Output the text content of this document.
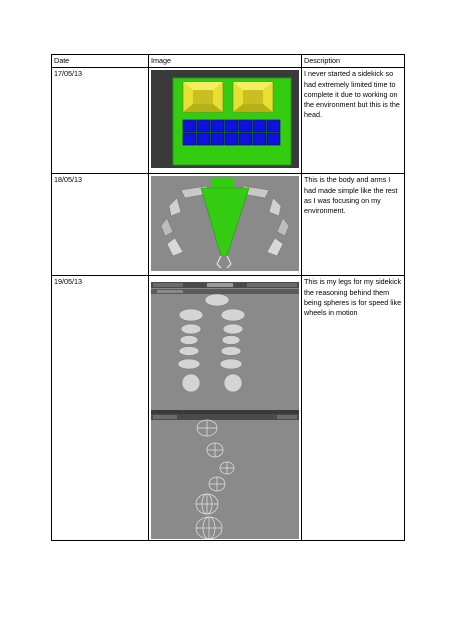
Date	Image	Description
17/05/13		I never started a sidekick so had extremely limited time to complete it due to working on the environment but this is the head.
18/05/13		This is the body and arms I had made simple like the rest as I was focusing on my environment.
19/05/13		This is my legs for my sidekick the reasoning behind them being spheres is for speed like wheels in motion
